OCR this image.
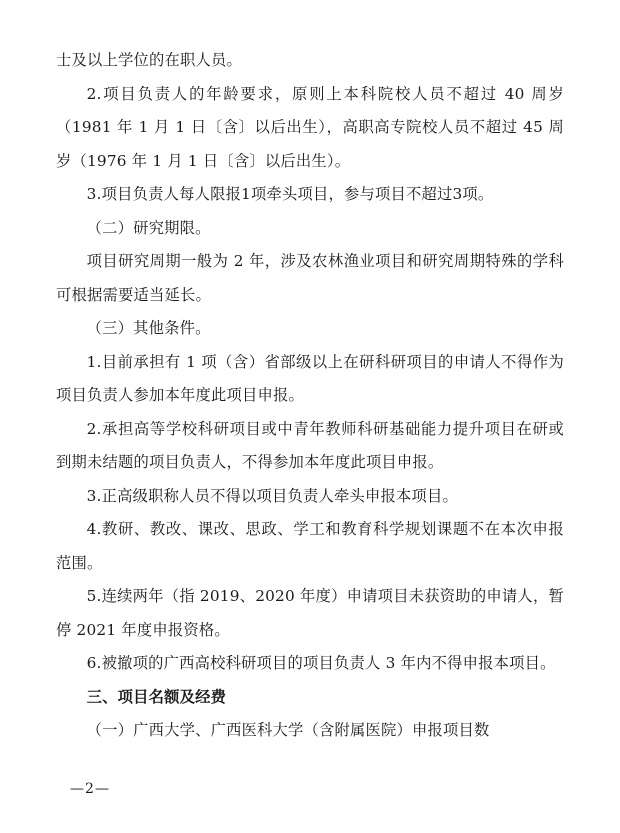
士及以上学位的在职人员。

2.项目负责人的年龄要求，原则上本科院校人员不超过 40 周岁（1981 年 1 月 1 日〔含〕以后出生），高职高专院校人员不超过 45 周岁（1976 年 1 月 1 日〔含〕以后出生）。

3.项目负责人每人限报1项牵头项目，参与项目不超过3项。

（二）研究期限。

项目研究周期一般为 2 年，涉及农林渔业项目和研究周期特殊的学科可根据需要适当延长。

（三）其他条件。

1.目前承担有 1 项（含）省部级以上在研科研项目的申请人不得作为项目负责人参加本年度此项目申报。

2.承担高等学校科研项目或中青年教师科研基础能力提升项目在研或到期未结题的项目负责人，不得参加本年度此项目申报。

3.正高级职称人员不得以项目负责人牵头申报本项目。

4.教研、教改、课改、思政、学工和教育科学规划课题不在本次申报范围。

5.连续两年（指 2019、2020 年度）申请项目未获资助的申请人，暂停 2021 年度申报资格。

6.被撤项的广西高校科研项目的项目负责人 3 年内不得申报本项目。

三、项目名额及经费

（一）广西大学、广西医科大学（含附属医院）申报项目数

—2—
